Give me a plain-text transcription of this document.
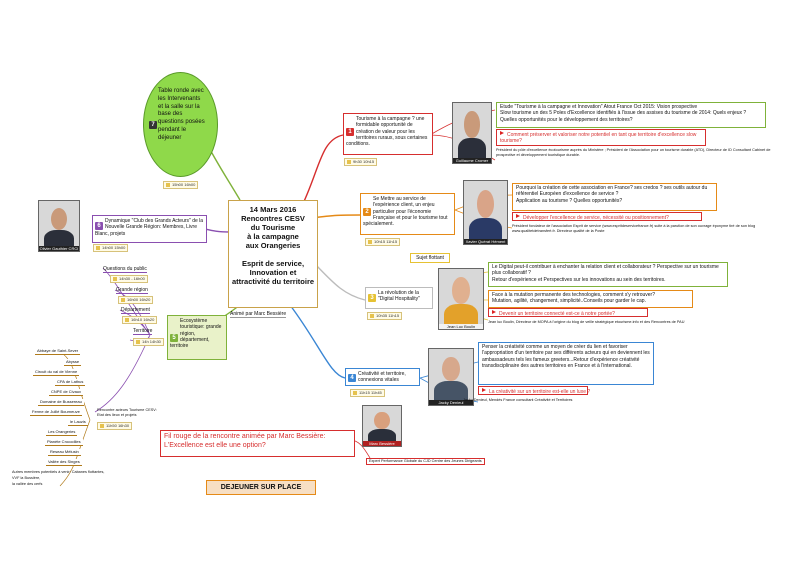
14 Mars 2016
Rencontres CESV
du Tourisme
à la campagne
aux Orangeries

Esprit de service,
Innovation et
attractivité du territoire
Animé par Marc Bessière
7
Table ronde avec les Intervenants et la salle sur la base des questions posées pendant le déjeuner
15h00 16h00
Olivier Gauthier CRCI
6
Dynamique "Club des Grands Acteurs" de la Nouvelle Grande Région: Membres, Livre Blanc, projets
14h00 15h00
1
Tourisme à la campagne ? une formidable opportunité de création de valeur pour les territoires ruraux, sous certaines conditions.
9h30 10h15	Guillaume Cromer
Etude "Tourisme à la campagne et Innovation" Atout France Oct 2015: Vision prospective
Slow tourisme un des 5 Poles d'Excellence identifiés à l'issue des assises du tourisme de 2014: Quels enjeux ?
Quelles opportunités pour le développement des territoires?
Comment préserver et valoriser notre potentiel en tant que territoire d'excellence slow tourisme?
Président du pôle d'excellence écotourisme auprès du Ministère ; Président de l'Association pour un tourisme durable (ATD), Directeur de ID Consultant Cabinet de prospective et développement touristique durable.
2
Se Mettre au service de l'expérience client, un enjeu particulier pour l'économie Française et pour le tourisme tout spécialement.
10h15 11h15	Xavier Quérat Hément
Pourquoi la création de cette association en France? ses credos ? ses outils autour du référentiel Européen d'excellence de service ?
Application au tourisme ? Quelles opportunités?
Développer l'excellence de service, nécessité ou positionnement?
Président fondateur de l'association Esprit de service (www.espritdeservicefrance.fr) suite à la parution de son ouvrage éponyme tiré de son blog www.qualitetdetransfert.fr. Directeur qualité de la Poste
Sujet flottant
3
La révolution de la "Digital Hospitality"
10h35 11h15
Jean Luc Boulin
Le Digital peut-il contribuer à enchanter la relation client et collaborateur ? Perspective sur un tourisme plus collaboratif ?
Retour d'expérience et Perspectives sur les innovations au sein des territoires.
Face à la mutation permanente des technologies, comment s'y retrouver?
Mutation, agilité, changement, simplicité..Conseils pour garder le cap.
Devenir un territoire connecté est-ce à notre portée?
Jean luc Boulin, Directeur de MOPA à l'origine du blog de veille stratégique etourisme.info et des Rencontres de PAU
4
Créativité et territoire, connexions vitales
11h15 11h45
Jacky Denieul
Penser la créativité comme un moyen de créer du lien et favoriser l'appropriation d'un territoire par ses différents acteurs qui en deviennent les ambassadeurs tels les fameux greeters...Retour d'expérience créativité transdisciplinaire des autres territoires en France et à l'international.
La créativité sur un territoire est-elle un luxe ?
Jacky Denieul, Mendès France consultant Créativité et Territoires
Marc Bessière
Fil rouge de la rencontre animée par Marc Bessière:
L'Excellence est elle une option?
Expert Performance Globale du CJD Centre des Jeunes Dirigeants
DEJEUNER SUR PLACE
5
Ecosystème touristique: grande région, département, territoire
Questions du public
14h30 - 16h00
Grande région
16h00 16h20
Département
16h10 16h20
Territoire
14h 14h30
Rencontre acteurs Tourisme CESV: Etat des lieux et projets
11h50 16h30
Abbaye de Saint-Sever
Abysse
Circuit du val de Vienne
CPA de Lathus
CNPE de Civaux
Domaine de Bussereau
Ferme de Juillé Bourneuve
le Lauzis
Les Orangeries
Planète Crocodiles
Reseau Mélusin
Vallée des Singes
Autres membres potentiels à venir: Cabanes flottantes,
VVF la Bussière,
la vallée des cerfs
